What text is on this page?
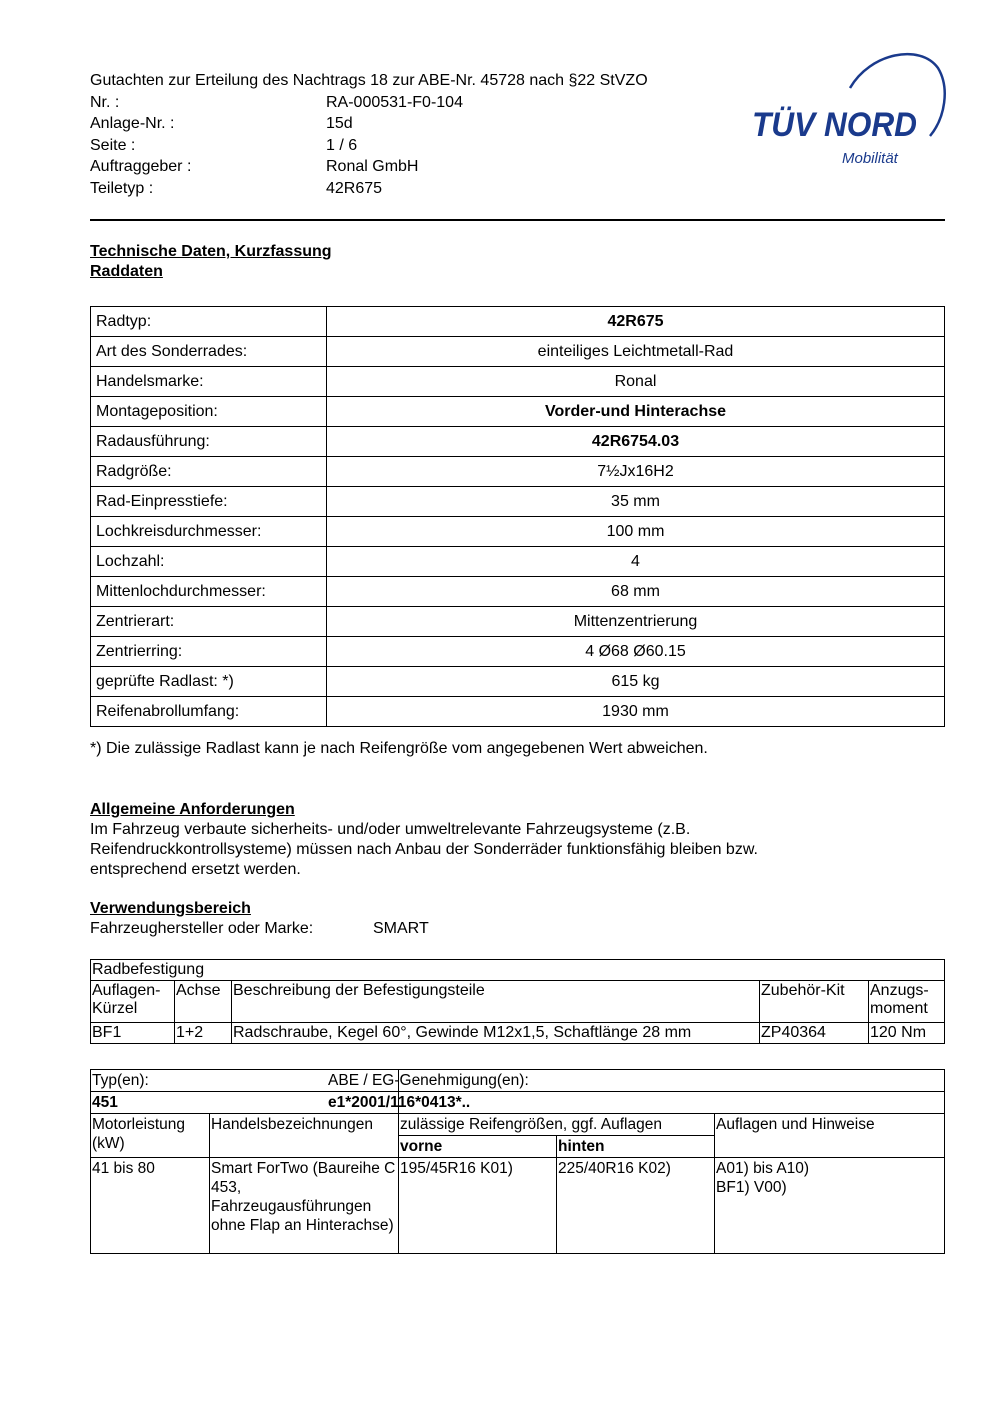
Gutachten zur Erteilung des Nachtrags 18 zur ABE-Nr. 45728 nach §22 StVZO
Nr. :	RA-000531-F0-104
Anlage-Nr. :	15d
Seite :	1 / 6
Auftraggeber :	Ronal GmbH
Teiletyp :	42R675
TÜV NORD
Mobilität
Technische Daten, Kurzfassung
Raddaten
Radtyp:	42R675
Art des Sonderrades:	einteiliges Leichtmetall-Rad
Handelsmarke:	Ronal
Montageposition:	Vorder-und Hinterachse
Radausführung:	42R6754.03
Radgröße:	7½Jx16H2
Rad-Einpresstiefe:	35 mm
Lochkreisdurchmesser:	100 mm
Lochzahl:	4
Mittenlochdurchmesser:	68 mm
Zentrierart:	Mittenzentrierung
Zentrierring:	4 Ø68 Ø60.15
geprüfte Radlast: *)	615 kg
Reifenabrollumfang:	1930 mm
*) Die zulässige Radlast kann je nach Reifengröße vom angegebenen Wert abweichen.
Allgemeine Anforderungen
Im Fahrzeug verbaute sicherheits- und/oder umweltrelevante Fahrzeugsysteme (z.B.
Reifendruckkontrollsysteme) müssen nach Anbau der Sonderräder funktionsfähig bleiben bzw.
entsprechend ersetzt werden.
Verwendungsbereich
Fahrzeughersteller oder Marke:	SMART
Radbefestigung				
Auflagen-Kürzel	Achse	Beschreibung der Befestigungsteile	Zubehör-Kit	Anzugs-moment
BF1	1+2	Radschraube, Kegel 60°, Gewinde M12x1,5, Schaftlänge 28 mm	ZP40364	120 Nm
Typ(en):		ABE / EG-Genehmigung(en):		
451		e1*2001/116*0413*..		
Motorleistung (kW)	Handelsbezeichnungen	zulässige Reifengrößen, ggf. Auflagen		Auflagen und Hinweise
		vorne	hinten	
41 bis 80	Smart ForTwo (Baureihe C 453, Fahrzeugausführungen ohne Flap an Hinterachse)	195/45R16 K01)	225/40R16 K02)	A01) bis A10) BF1) V00)
